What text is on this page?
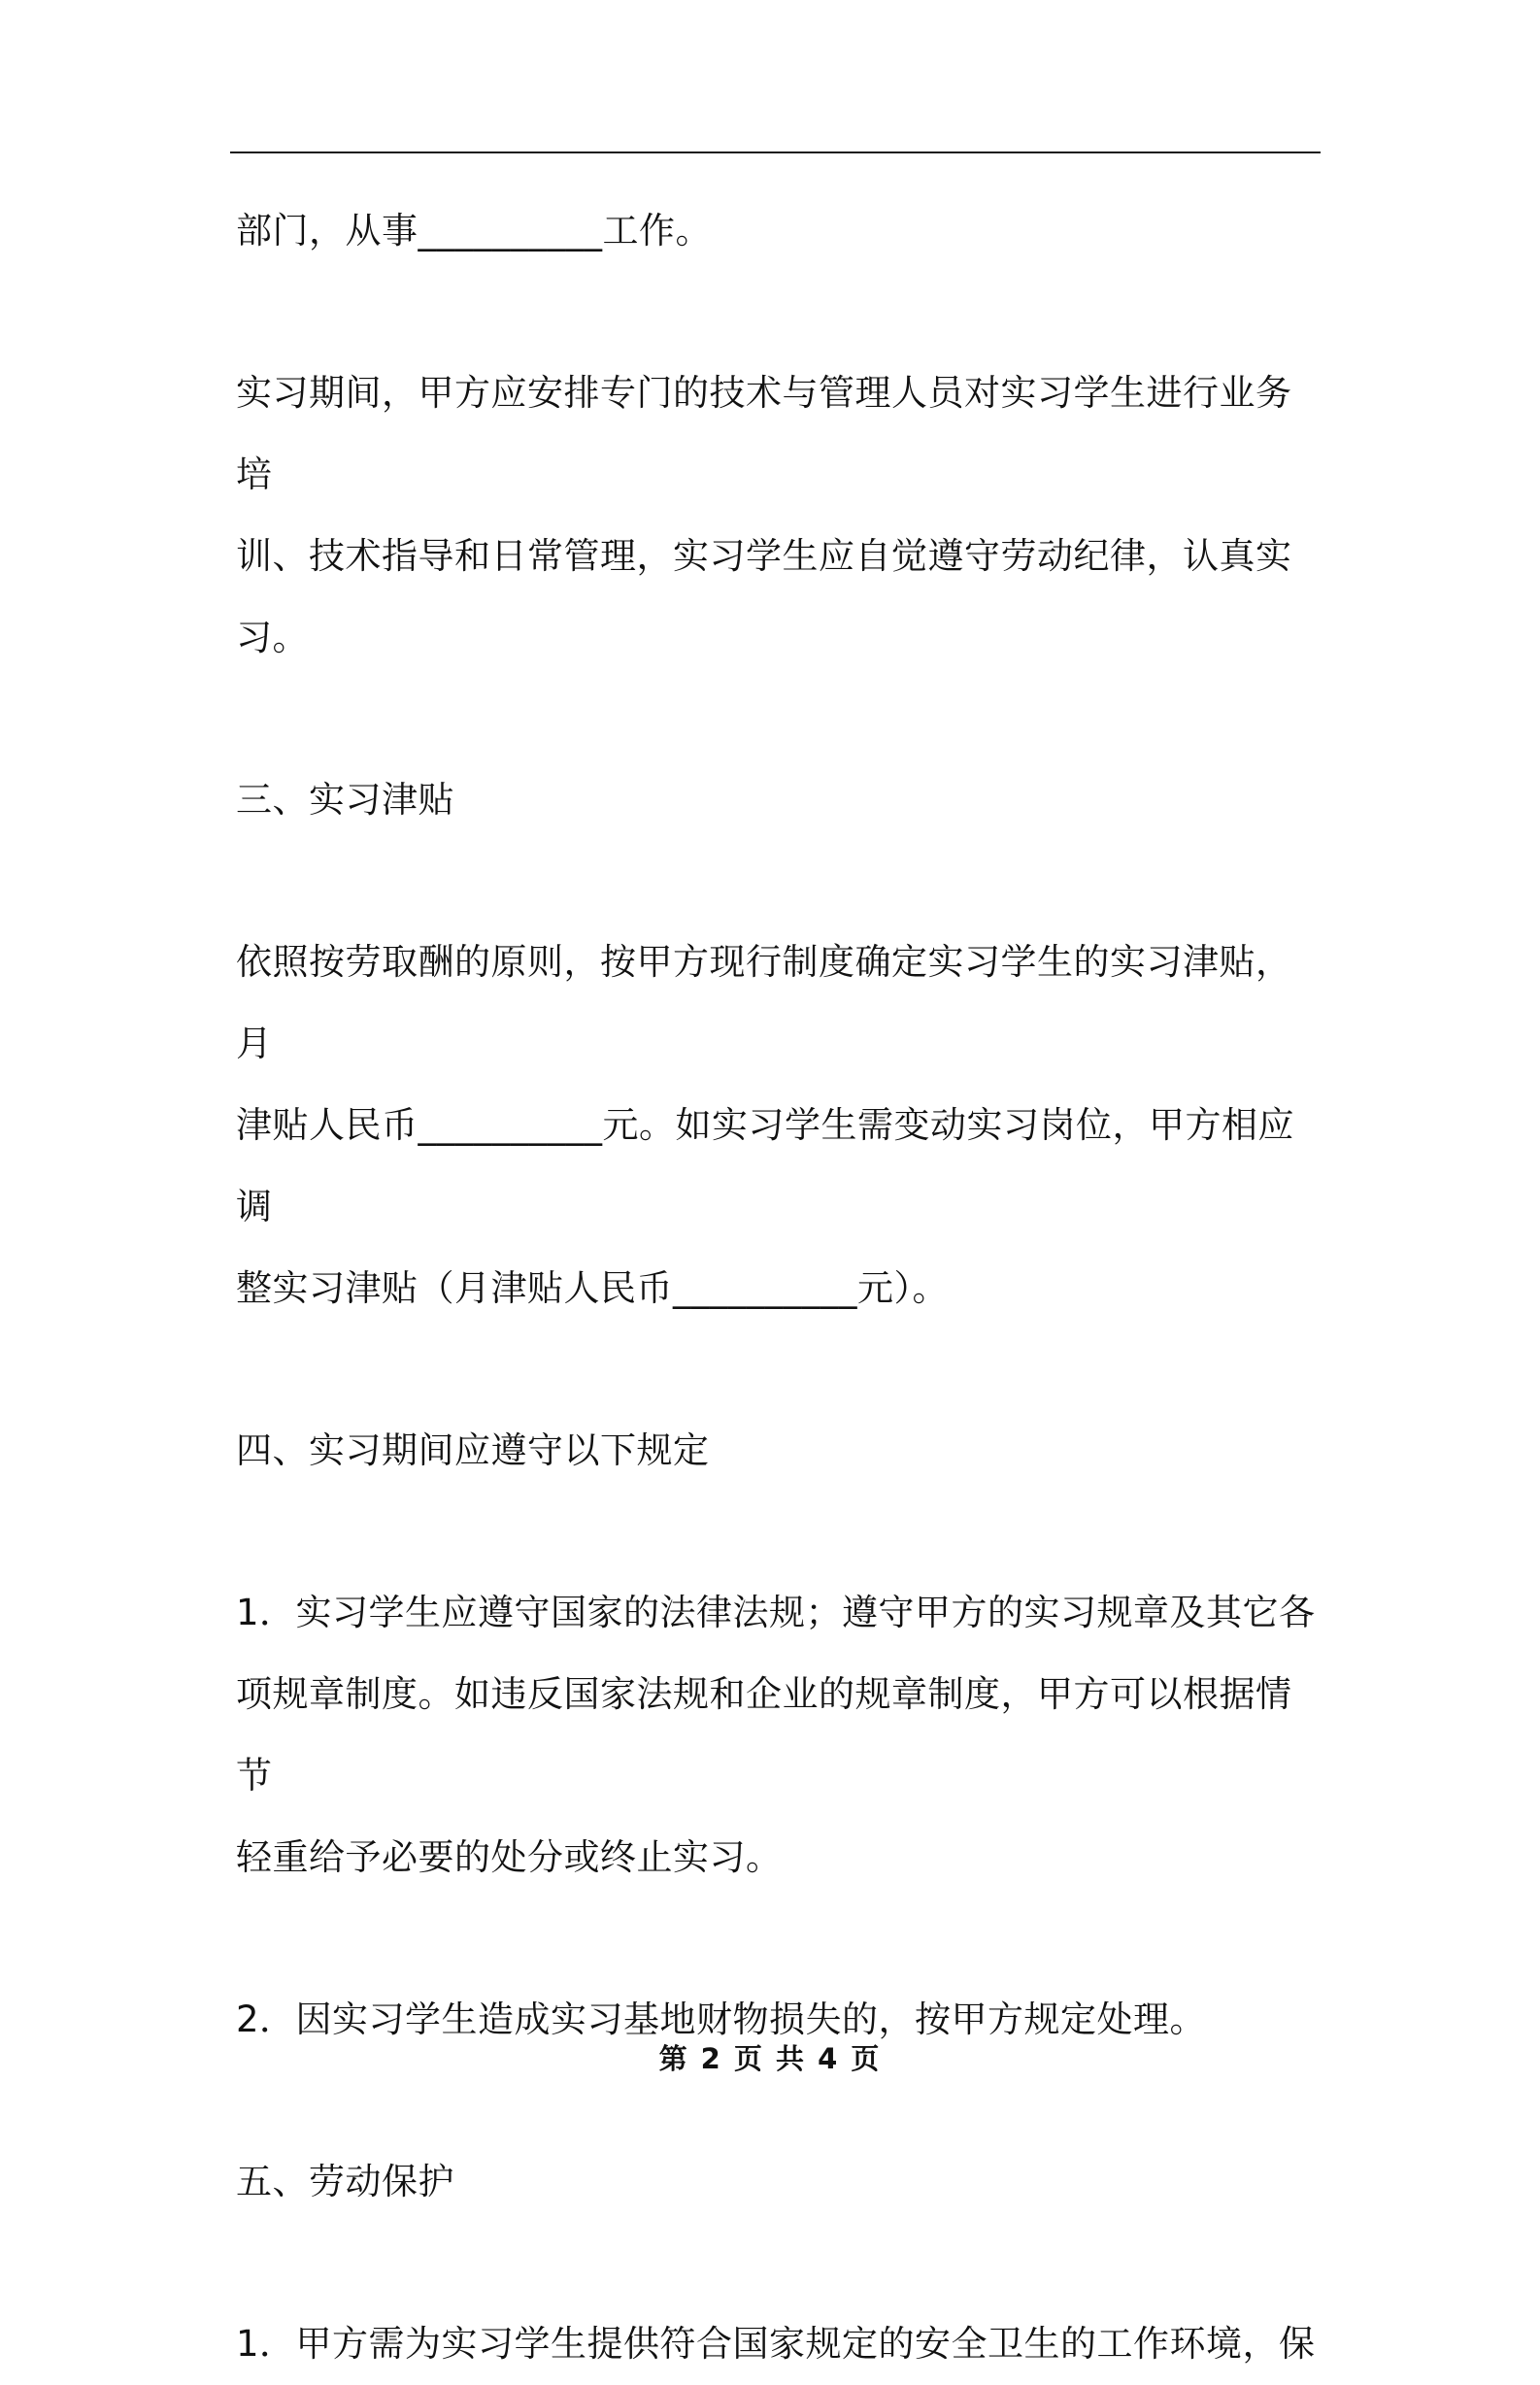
部门，从事__________工作。

实习期间，甲方应安排专门的技术与管理人员对实习学生进行业务培

训、技术指导和日常管理，实习学生应自觉遵守劳动纪律，认真实习。

三、实习津贴

依照按劳取酬的原则，按甲方现行制度确定实习学生的实习津贴，月

津贴人民币__________元。如实习学生需变动实习岗位，甲方相应调

整实习津贴（月津贴人民币__________元）。

四、实习期间应遵守以下规定

1．实习学生应遵守国家的法律法规；遵守甲方的实习规章及其它各

项规章制度。如违反国家法规和企业的规章制度，甲方可以根据情节

轻重给予必要的处分或终止实习。

2．因实习学生造成实习基地财物损失的，按甲方规定处理。

五、劳动保护

1．甲方需为实习学生提供符合国家规定的安全卫生的工作环境，保

第 2 页 共 4 页
